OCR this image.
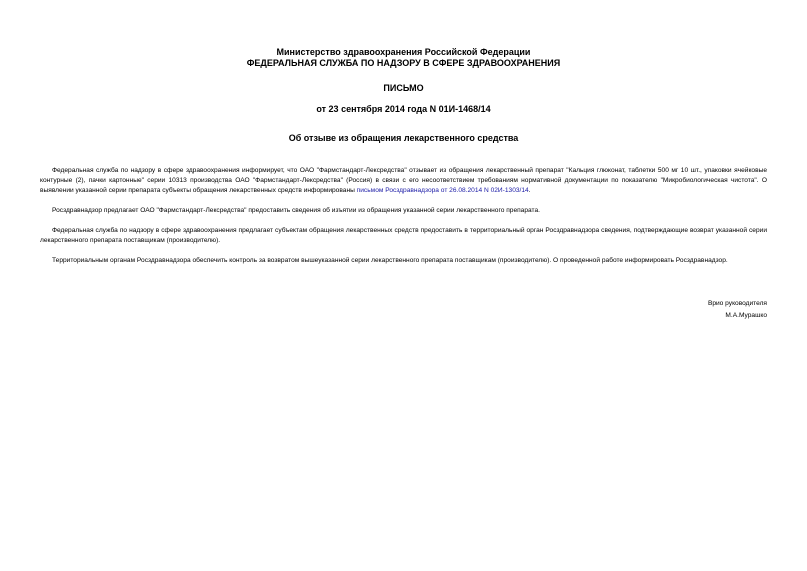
Министерство здравоохранения Российской Федерации
ФЕДЕРАЛЬНАЯ СЛУЖБА ПО НАДЗОРУ В СФЕРЕ ЗДРАВООХРАНЕНИЯ
ПИСЬМО
от 23 сентября 2014 года N 01И-1468/14
Об отзыве из обращения лекарственного средства

Федеральная служба по надзору в сфере здравоохранения информирует, что ОАО "Фармстандарт-Лексредства" отзывает из обращения лекарственный препарат "Кальция глюконат, таблетки 500 мг 10 шт., упаковки ячейковые контурные (2), пачки картонные" серии 10313 производства ОАО "Фармстандарт-Лексредства" (Россия) в связи с его несоответствием требованиям нормативной документации по показателю "Микробиологическая чистота". О выявлении указанной серии препарата субъекты обращения лекарственных средств информированы письмом Росздравнадзора от 26.08.2014 N 02И-1303/14.

Росздравнадзор предлагает ОАО "Фармстандарт-Лексредства" предоставить сведения об изъятии из обращения указанной серии лекарственного препарата.

Федеральная служба по надзору в сфере здравоохранения предлагает субъектам обращения лекарственных средств предоставить в территориальный орган Росздравнадзора сведения, подтверждающие возврат указанной серии лекарственного препарата поставщикам (производителю).

Территориальным органам Росздравнадзора обеспечить контроль за возвратом вышеуказанной серии лекарственного препарата поставщикам (производителю). О проведенной работе информировать Росздравнадзор.

Врио руководителя
М.А.Мурашко
